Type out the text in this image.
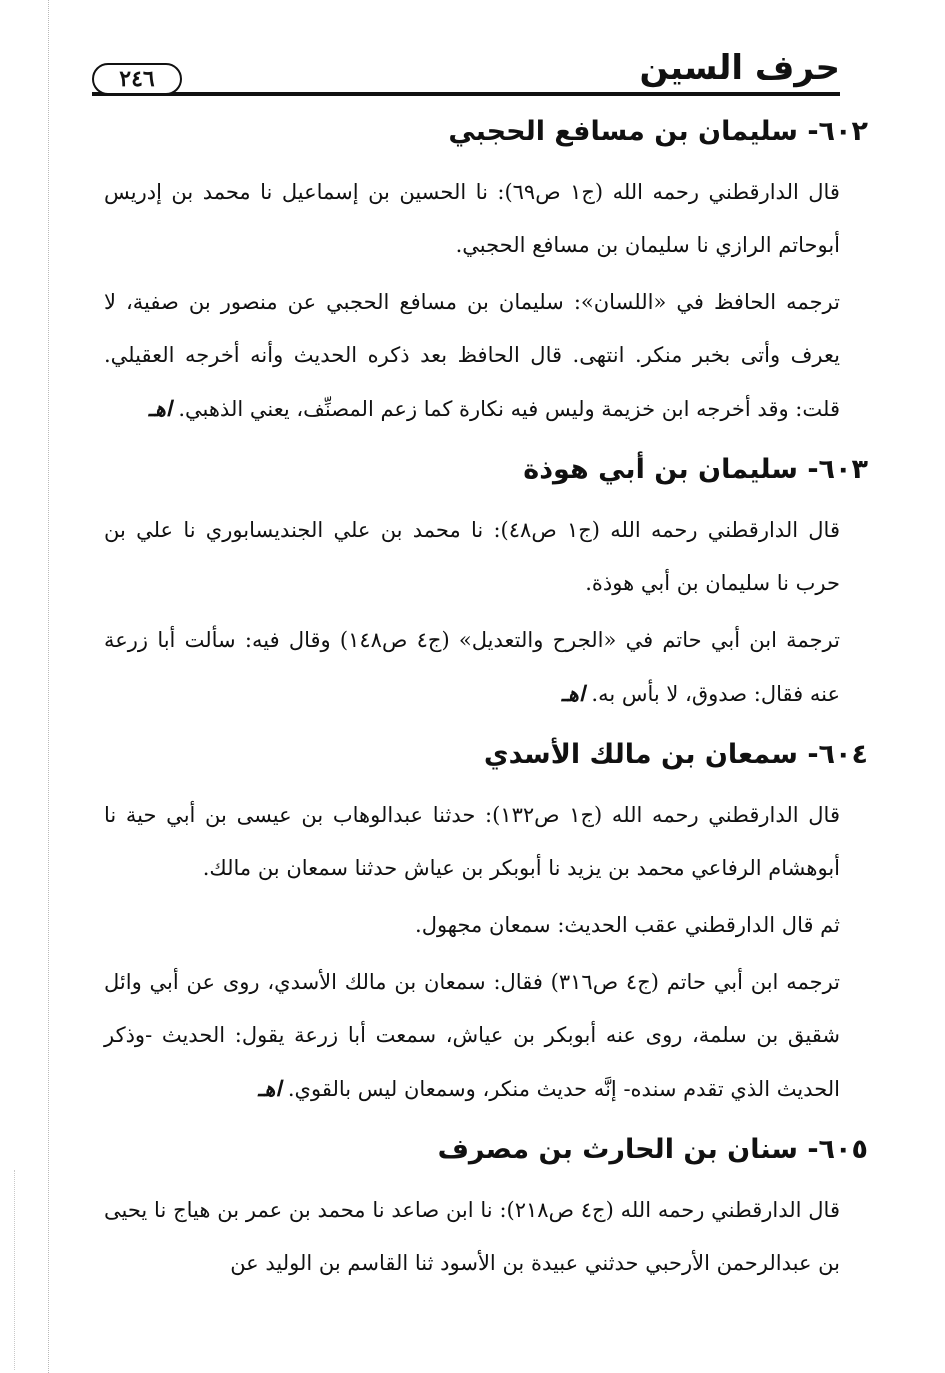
حرف السين
٢٤٦
٦٠٢- سليمان بن مسافع الحجبي

قال الدارقطني رحمه الله (ج١ ص٦٩): نا الحسين بن إسماعيل نا محمد بن إدريس أبوحاتم الرازي نا سليمان بن مسافع الحجبي.

ترجمه الحافظ في «اللسان»: سليمان بن مسافع الحجبي عن منصور بن صفية، لا يعرف وأتى بخبر منكر. انتهى. قال الحافظ بعد ذكره الحديث وأنه أخرجه العقيلي. قلت: وقد أخرجه ابن خزيمة وليس فيه نكارة كما زعم المصنِّف، يعني الذهبي. اهـ

٦٠٣- سليمان بن أبي هوذة

قال الدارقطني رحمه الله (ج١ ص٤٨): نا محمد بن علي الجنديسابوري نا علي بن حرب نا سليمان بن أبي هوذة.

ترجمة ابن أبي حاتم في «الجرح والتعديل» (ج٤ ص١٤٨) وقال فيه: سألت أبا زرعة عنه فقال: صدوق، لا بأس به. اهـ

٦٠٤- سمعان بن مالك الأسدي

قال الدارقطني رحمه الله (ج١ ص١٣٢): حدثنا عبدالوهاب بن عيسى بن أبي حية نا أبوهشام الرفاعي محمد بن يزيد نا أبوبكر بن عياش حدثنا سمعان بن مالك.

ثم قال الدارقطني عقب الحديث: سمعان مجهول.

ترجمه ابن أبي حاتم (ج٤ ص٣١٦) فقال: سمعان بن مالك الأسدي، روى عن أبي وائل شقيق بن سلمة، روى عنه أبوبكر بن عياش، سمعت أبا زرعة يقول: الحديث -وذكر الحديث الذي تقدم سنده- إنَّه حديث منكر، وسمعان ليس بالقوي. اهـ

٦٠٥- سنان بن الحارث بن مصرف

قال الدارقطني رحمه الله (ج٤ ص٢١٨): نا ابن صاعد نا محمد بن عمر بن هياج نا يحيى بن عبدالرحمن الأرحبي حدثني عبيدة بن الأسود ثنا القاسم بن الوليد عن
